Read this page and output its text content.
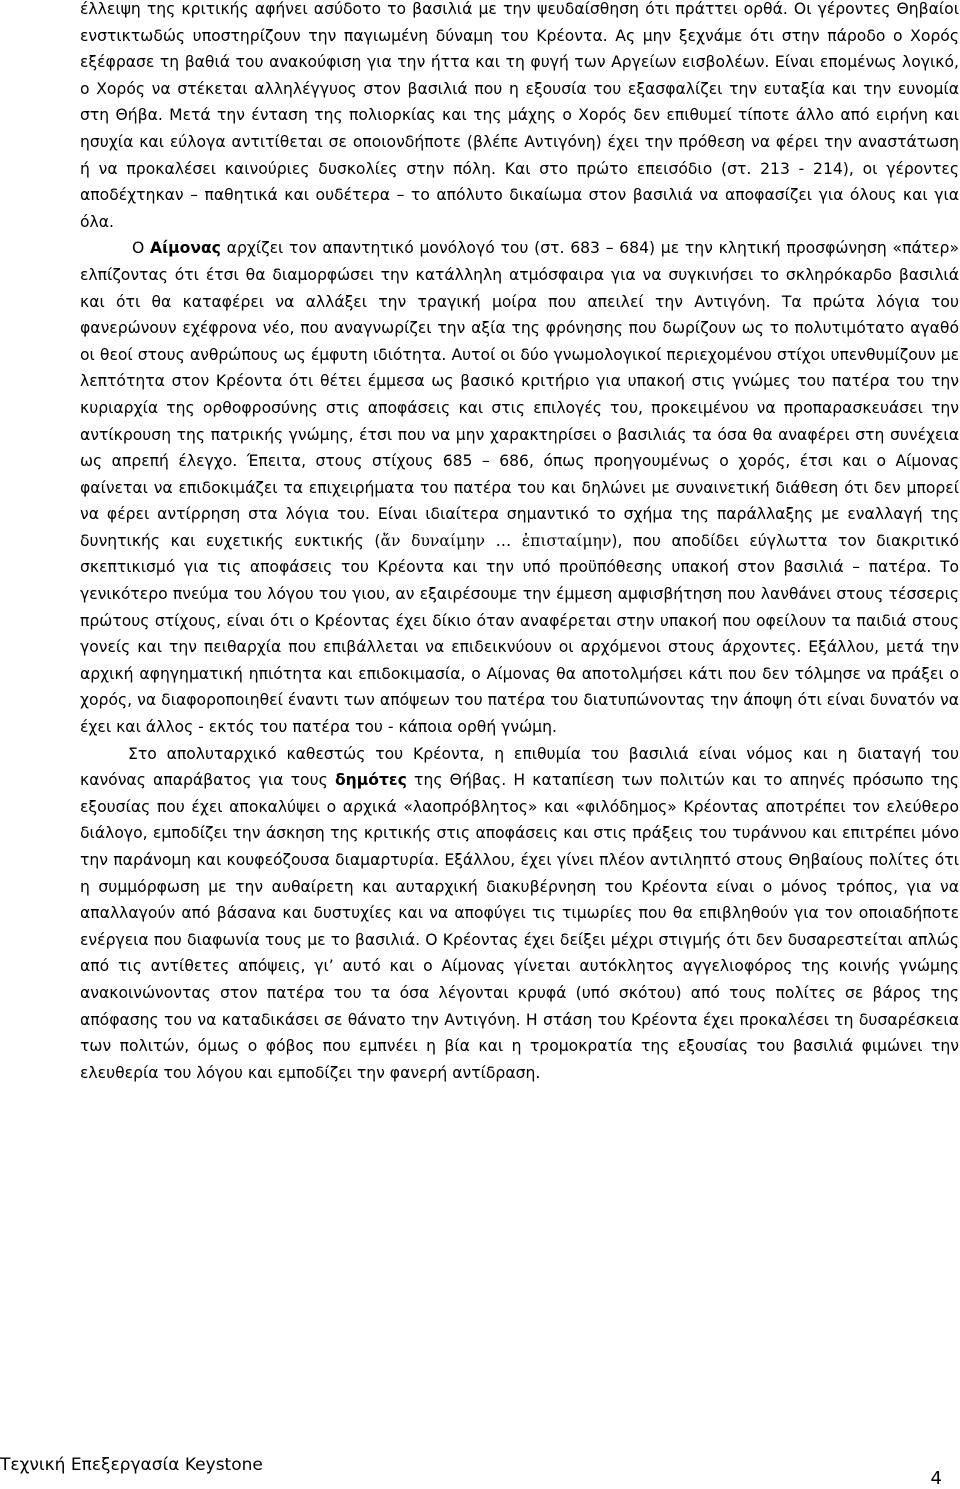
έλλειψη της κριτικής αφήνει ασύδοτο το βασιλιά με την ψευδαίσθηση ότι πράττει ορθά. Οι γέροντες Θηβαίοι ενστικτωδώς υποστηρίζουν την παγιωμένη δύναμη του Κρέοντα. Ας μην ξεχνάμε ότι στην πάροδο ο Χορός εξέφρασε τη βαθιά του ανακούφιση για την ήττα και τη φυγή των Αργείων εισβολέων. Είναι επομένως λογικό, ο Χορός να στέκεται αλληλέγγυος στον βασιλιά που η εξουσία του εξασφαλίζει την ευταξία και την ευνομία στη Θήβα. Μετά την ένταση της πολιορκίας και της μάχης ο Χορός δεν επιθυμεί τίποτε άλλο από ειρήνη και ησυχία και εύλογα αντιτίθεται σε οποιονδήποτε (βλέπε Αντιγόνη) έχει την πρόθεση να φέρει την αναστάτωση ή να προκαλέσει καινούριες δυσκολίες στην πόλη. Και στο πρώτο επεισόδιο (στ. 213 - 214), οι γέροντες αποδέχτηκαν – παθητικά και ουδέτερα – το απόλυτο δικαίωμα στον βασιλιά να αποφασίζει για όλους και για όλα.

Ο Αίμονας αρχίζει τον απαντητικό μονόλογό του (στ. 683 – 684) με την κλητική προσφώνηση «πάτερ» ελπίζοντας ότι έτσι θα διαμορφώσει την κατάλληλη ατμόσφαιρα για να συγκινήσει το σκληρόκαρδο βασιλιά και ότι θα καταφέρει να αλλάξει την τραγική μοίρα που απειλεί την Αντιγόνη. Τα πρώτα λόγια του φανερώνουν εχέφρονα νέο, που αναγνωρίζει την αξία της φρόνησης που δωρίζουν ως το πολυτιμότατο αγαθό οι θεοί στους ανθρώπους ως έμφυτη ιδιότητα. Αυτοί οι δύο γνωμολογικοί περιεχομένου στίχοι υπενθυμίζουν με λεπτότητα στον Κρέοντα ότι θέτει έμμεσα ως βασικό κριτήριο για υπακοή στις γνώμες του πατέρα του την κυριαρχία της ορθοφροσύνης στις αποφάσεις και στις επιλογές του, προκειμένου να προπαρασκευάσει την αντίκρουση της πατρικής γνώμης, έτσι που να μην χαρακτηρίσει ο βασιλιάς τα όσα θα αναφέρει στη συνέχεια ως απρεπή έλεγχο. Έπειτα, στους στίχους 685 – 686, όπως προηγουμένως ο χορός, έτσι και ο Αίμονας φαίνεται να επιδοκιμάζει τα επιχειρήματα του πατέρα του και δηλώνει με συναινετική διάθεση ότι δεν μπορεί να φέρει αντίρρηση στα λόγια του. Είναι ιδιαίτερα σημαντικό το σχήμα της παράλλαξης με εναλλαγή της δυνητικής και ευχετικής ευκτικής (ἄν δυναίμην … ἐπισταίμην), που αποδίδει εύγλωττα τον διακριτικό σκεπτικισμό για τις αποφάσεις του Κρέοντα και την υπό προϋπόθεσης υπακοή στον βασιλιά – πατέρα. Το γενικότερο πνεύμα του λόγου του γιου, αν εξαιρέσουμε την έμμεση αμφισβήτηση που λανθάνει στους τέσσερις πρώτους στίχους, είναι ότι ο Κρέοντας έχει δίκιο όταν αναφέρεται στην υπακοή που οφείλουν τα παιδιά στους γονείς και την πειθαρχία που επιβάλλεται να επιδεικνύουν οι αρχόμενοι στους άρχοντες. Εξάλλου, μετά την αρχική αφηγηματική ηπιότητα και επιδοκιμασία, ο Αίμονας θα αποτολμήσει κάτι που δεν τόλμησε να πράξει ο χορός, να διαφοροποιηθεί έναντι των απόψεων του πατέρα του διατυπώνοντας την άποψη ότι είναι δυνατόν να έχει και άλλος - εκτός του πατέρα του - κάποια ορθή γνώμη.

Στο απολυταρχικό καθεστώς του Κρέοντα, η επιθυμία του βασιλιά είναι νόμος και η διαταγή του κανόνας απαράβατος για τους δημότες της Θήβας. Η καταπίεση των πολιτών και το απηνές πρόσωπο της εξουσίας που έχει αποκαλύψει ο αρχικά «λαοπρόβλητος» και «φιλόδημος» Κρέοντας αποτρέπει τον ελεύθερο διάλογο, εμποδίζει την άσκηση της κριτικής στις αποφάσεις και στις πράξεις του τυράννου και επιτρέπει μόνο την παράνομη και κουφεόζουσα διαμαρτυρία. Εξάλλου, έχει γίνει πλέον αντιληπτό στους Θηβαίους πολίτες ότι η συμμόρφωση με την αυθαίρετη και αυταρχική διακυβέρνηση του Κρέοντα είναι ο μόνος τρόπος, για να απαλλαγούν από βάσανα και δυστυχίες και να αποφύγει τις τιμωρίες που θα επιβληθούν για τον οποιαδήποτε ενέργεια που διαφωνία τους με το βασιλιά. Ο Κρέοντας έχει δείξει μέχρι στιγμής ότι δεν δυσαρεστείται απλώς από τις αντίθετες απόψεις, γι’ αυτό και ο Αίμονας γίνεται αυτόκλητος αγγελιοφόρος της κοινής γνώμης ανακοινώνοντας στον πατέρα του τα όσα λέγονται κρυφά (υπό σκότου) από τους πολίτες σε βάρος της απόφασης του να καταδικάσει σε θάνατο την Αντιγόνη. Η στάση του Κρέοντα έχει προκαλέσει τη δυσαρέσκεια των πολιτών, όμως ο φόβος που εμπνέει η βία και η τρομοκρατία της εξουσίας του βασιλιά φιμώνει την ελευθερία του λόγου και εμποδίζει την φανερή αντίδραση.

Τεχνική Επεξεργασία Keystone
4
